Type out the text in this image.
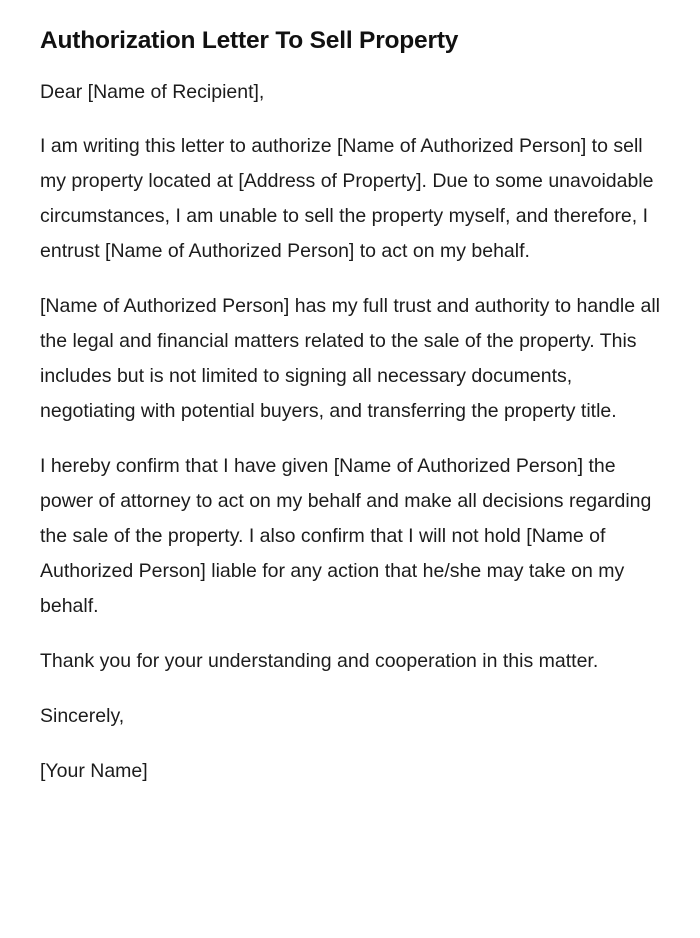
Authorization Letter To Sell Property

Dear [Name of Recipient],

I am writing this letter to authorize [Name of Authorized Person] to sell my property located at [Address of Property]. Due to some unavoidable circumstances, I am unable to sell the property myself, and therefore, I entrust [Name of Authorized Person] to act on my behalf.

[Name of Authorized Person] has my full trust and authority to handle all the legal and financial matters related to the sale of the property. This includes but is not limited to signing all necessary documents, negotiating with potential buyers, and transferring the property title.

I hereby confirm that I have given [Name of Authorized Person] the power of attorney to act on my behalf and make all decisions regarding the sale of the property. I also confirm that I will not hold [Name of Authorized Person] liable for any action that he/she may take on my behalf.

Thank you for your understanding and cooperation in this matter.

Sincerely,

[Your Name]
